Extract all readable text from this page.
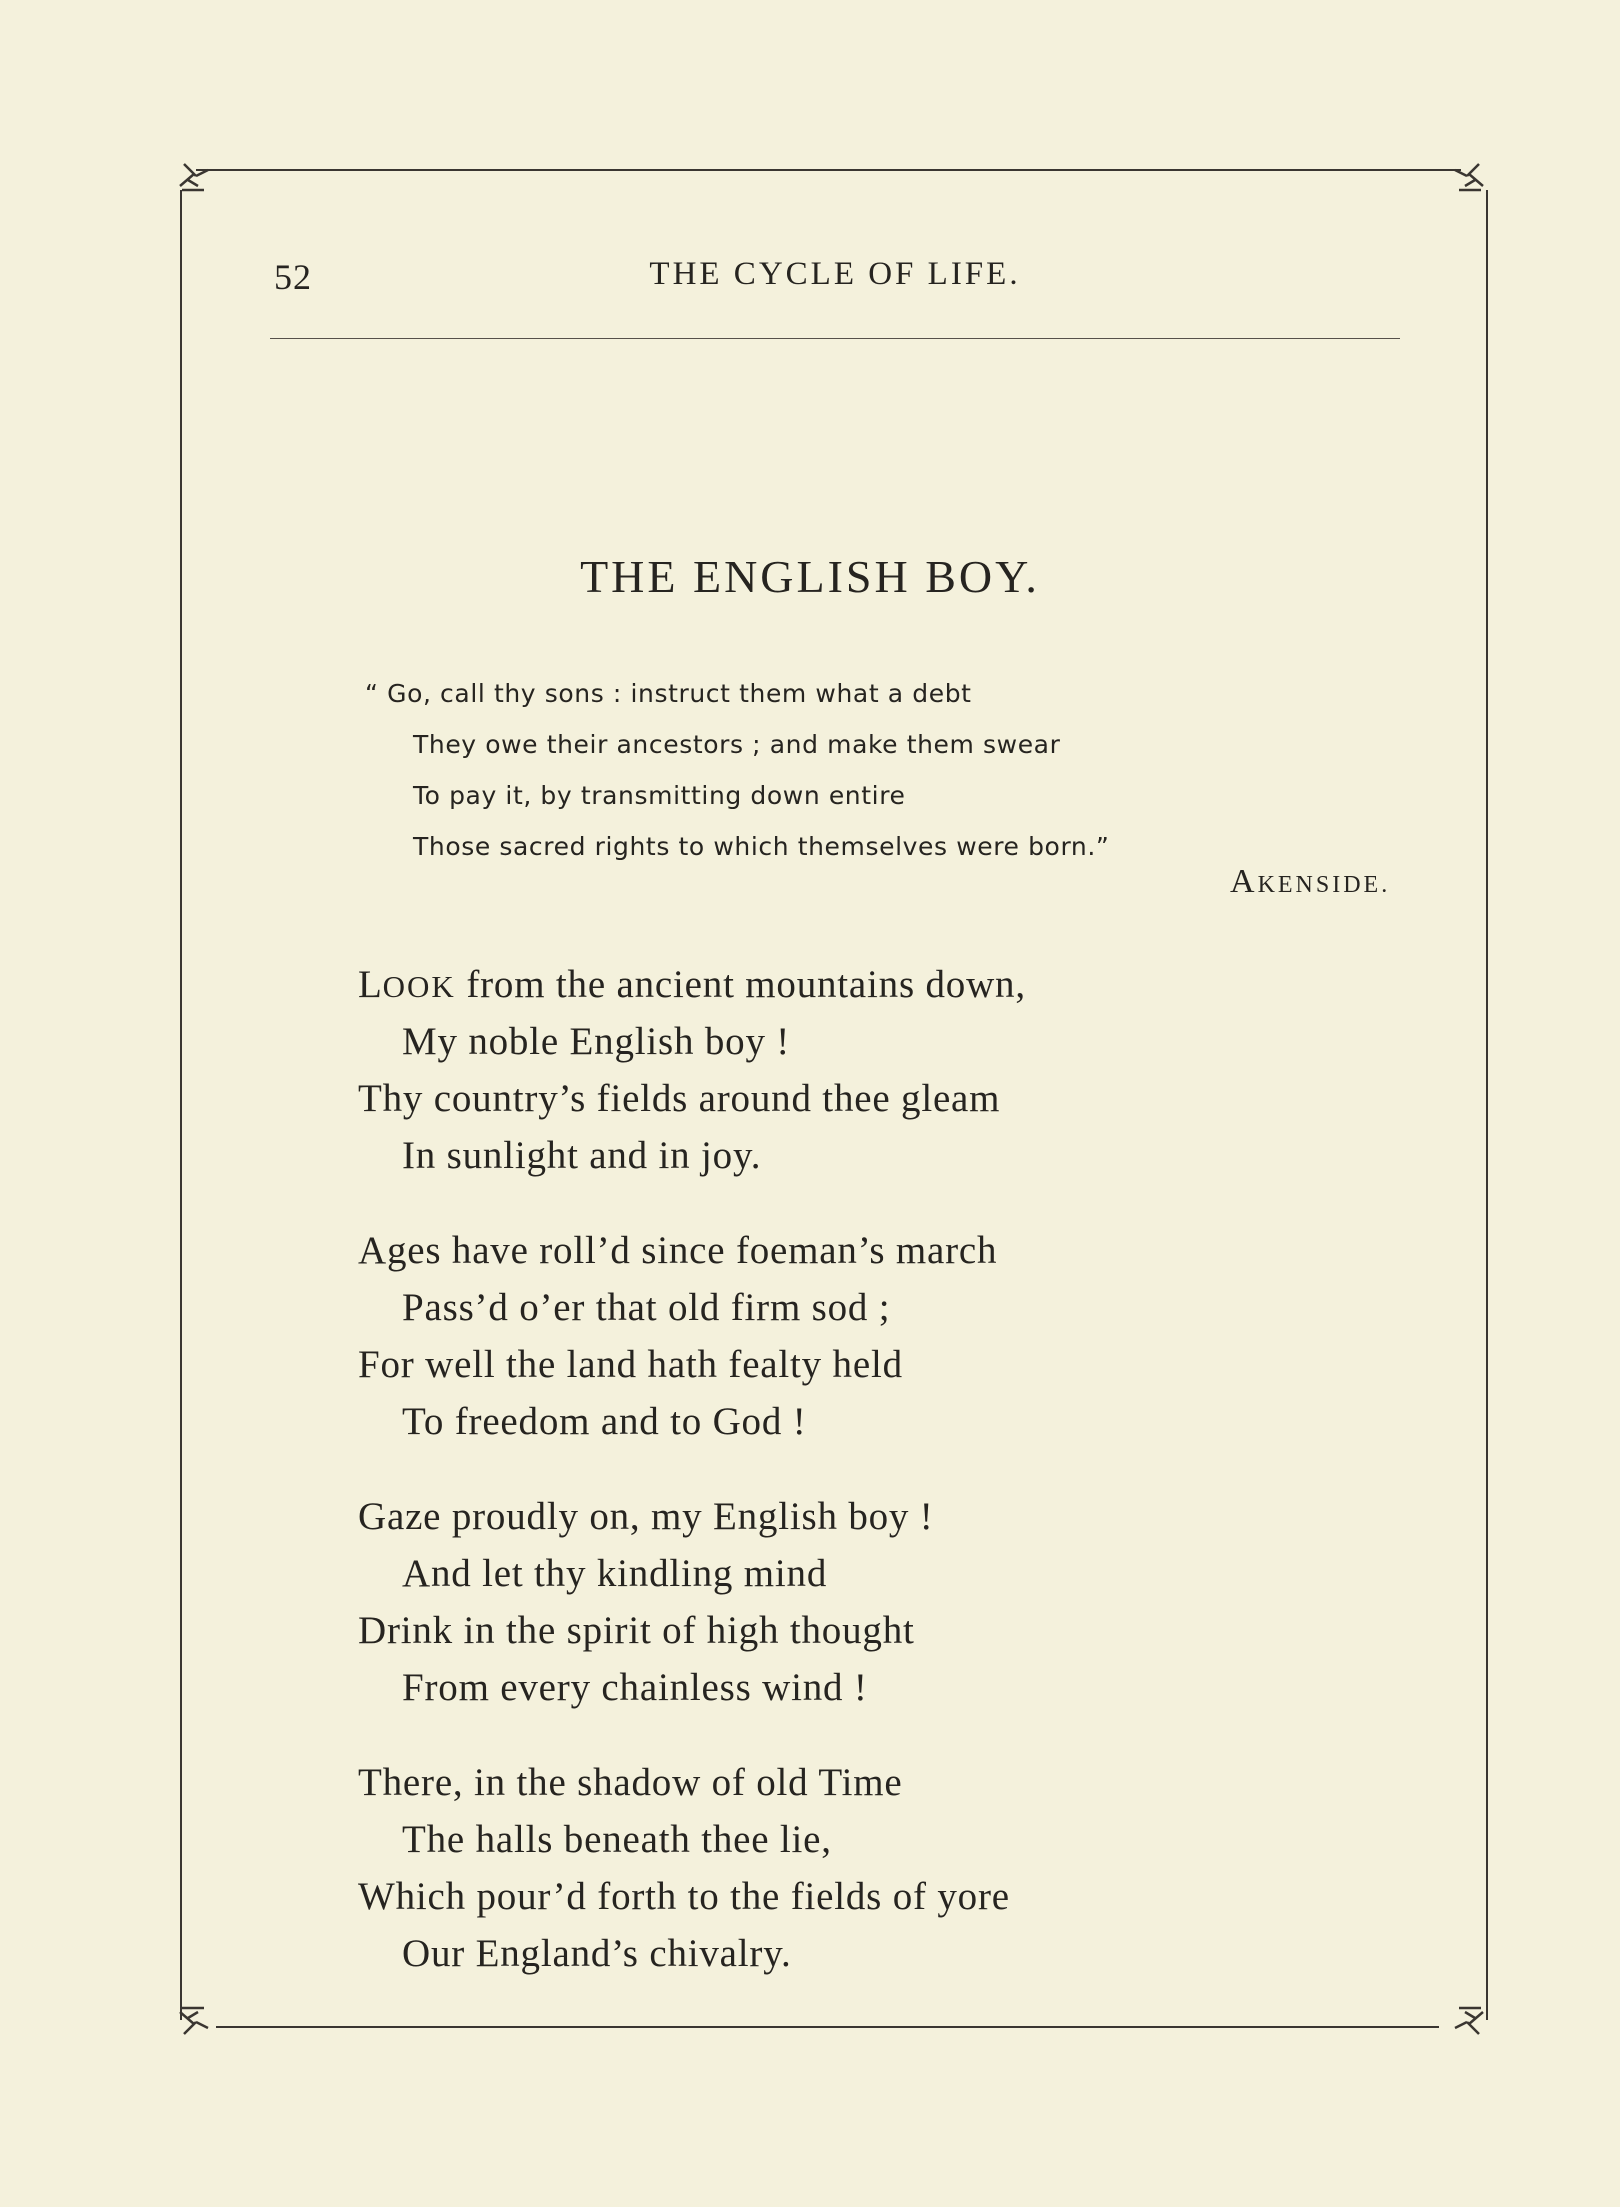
52	THE CYCLE OF LIFE.
THE ENGLISH BOY.
“ Go, call thy sons : instruct them what a debt
They owe their ancestors ; and make them swear
To pay it, by transmitting down entire
Those sacred rights to which themselves were born.”
AKENSIDE.
LOOK from the ancient mountains down,
My noble English boy !
Thy country’s fields around thee gleam
In sunlight and in joy.
Ages have roll’d since foeman’s march
Pass’d o’er that old firm sod ;
For well the land hath fealty held
To freedom and to God !
Gaze proudly on, my English boy !
And let thy kindling mind
Drink in the spirit of high thought
From every chainless wind !
There, in the shadow of old Time
The halls beneath thee lie,
Which pour’d forth to the fields of yore
Our England’s chivalry.
